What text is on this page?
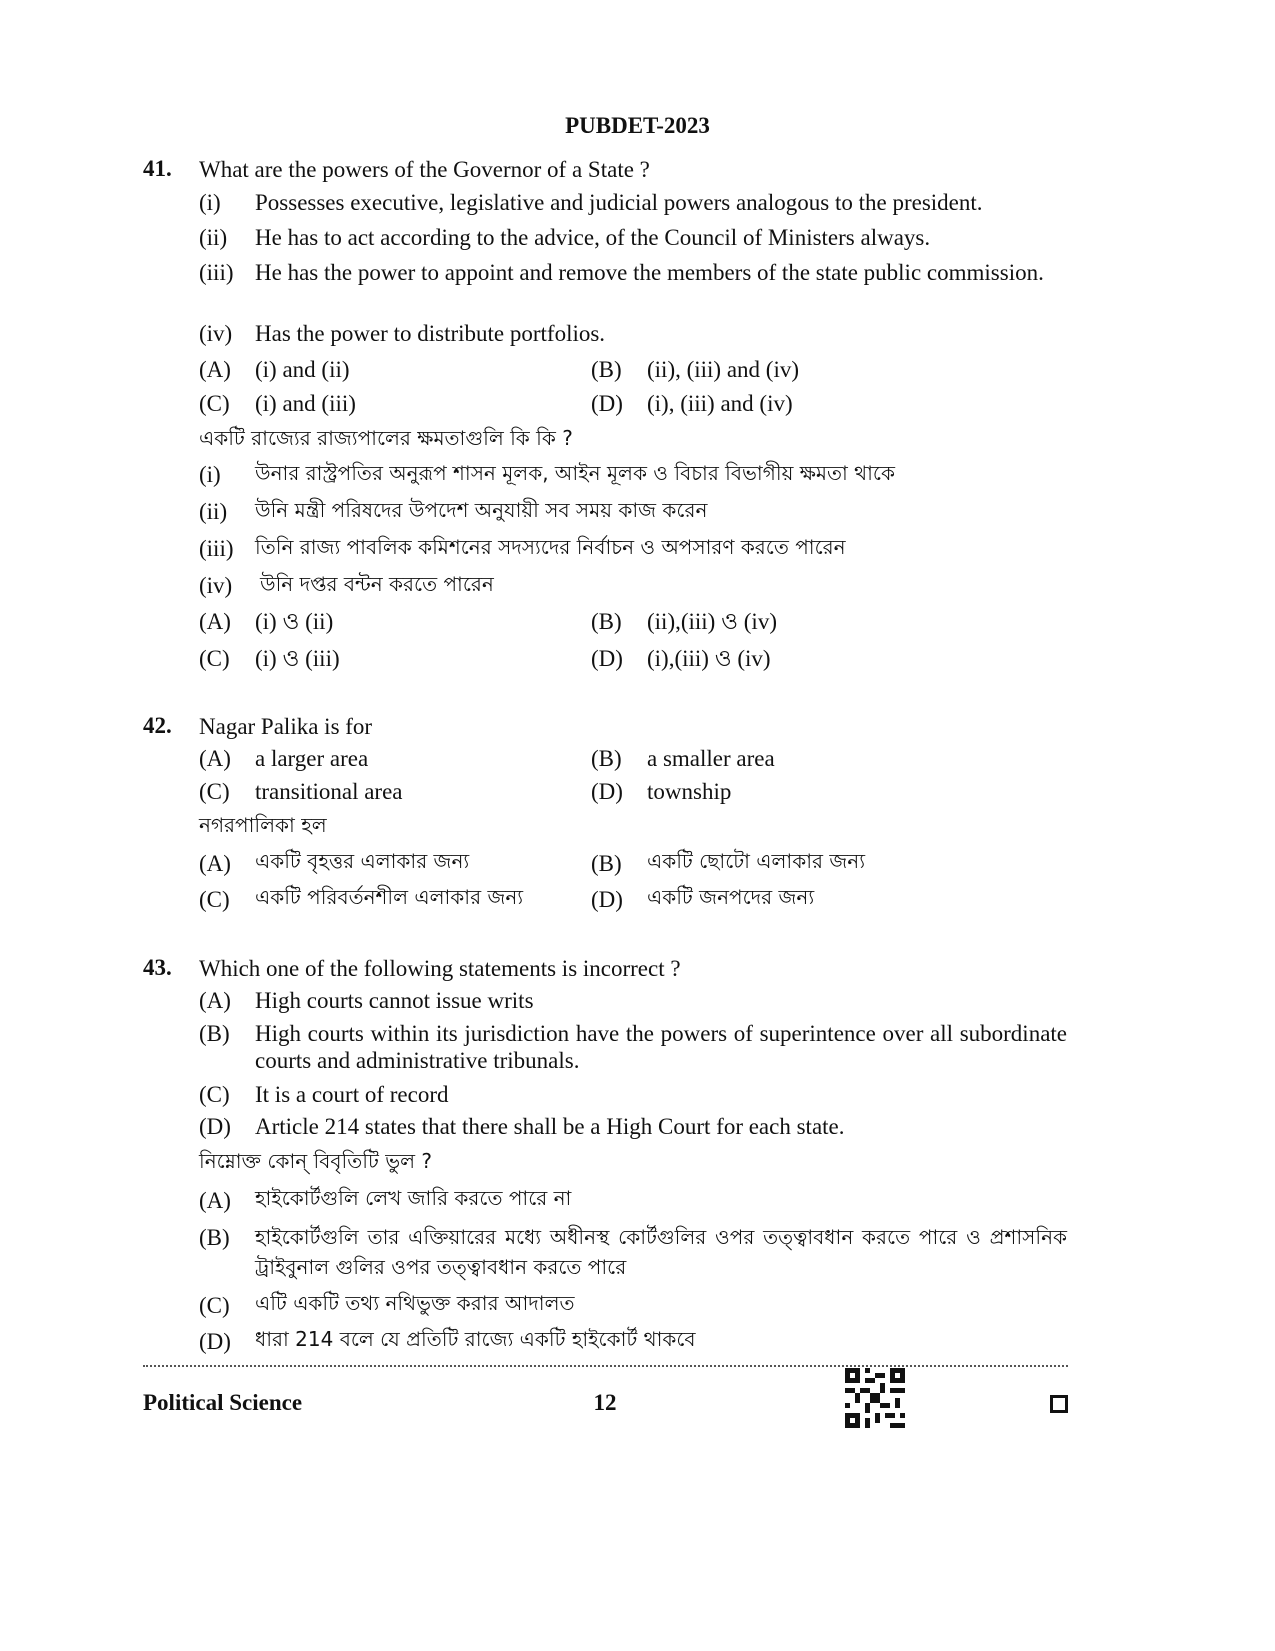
PUBDET-2023
41. What are the powers of the Governor of a State ?
(i) Possesses executive, legislative and judicial powers analogous to the president.
(ii) He has to act according to the advice, of the Council of Ministers always.
(iii) He has the power to appoint and remove the members of the state public commission.
(iv) Has the power to distribute portfolios.
(A) (i) and (ii)	(B) (ii), (iii) and (iv)
(C) (i) and (iii)	(D) (i), (iii) and (iv)
একটি রাজ্যের রাজ্যপালের ক্ষমতাগুলি কি কি ?
(i) উনার রাস্ট্রপতির অনুরূপ শাসন মূলক, আইন মূলক ও বিচার বিভাগীয় ক্ষমতা থাকে
(ii) উনি মন্ত্রী পরিষদের উপদেশ অনুযায়ী সব সময় কাজ করেন
(iii) তিনি রাজ্য পাবলিক কমিশনের সদস্যদের নির্বাচন ও অপসারণ করতে পারেন
(iv) উনি দপ্তর বন্টন করতে পারেন
(A) (i) ও (ii)	(B) (ii),(iii) ও (iv)
(C) (i) ও (iii)	(D) (i),(iii) ও (iv)
42. Nagar Palika is for
(A) a larger area	(B) a smaller area
(C) transitional area	(D) township
নগরপালিকা হল
(A) একটি বৃহত্তর এলাকার জন্য	(B) একটি ছোটো এলাকার জন্য
(C) একটি পরিবর্তনশীল এলাকার জন্য	(D) একটি জনপদের জন্য
43. Which one of the following statements is incorrect ?
(A) High courts cannot issue writs
(B) High courts within its jurisdiction have the powers of superintence over all subordinate courts and administrative tribunals.
(C) It is a court of record
(D) Article 214 states that there shall be a High Court for each state.
নিম্নোক্ত কোন্ বিবৃতিটি ভুল ?
(A) হাইকোর্টগুলি লেখ জারি করতে পারে না
(B) হাইকোর্টগুলি তার এক্তিয়ারের মধ্যে অধীনস্থ কোর্টগুলির ওপর তত্ত্বাবধান করতে পারে ও প্রশাসনিক ট্রাইবুনাল গুলির ওপর তত্ত্বাবধান করতে পারে
(C) এটি একটি তথ্য নথিভুক্ত করার আদালত
(D) ধারা 214 বলে যে প্রতিটি রাজ্যে একটি হাইকোর্ট থাকবে
Political Science	12
